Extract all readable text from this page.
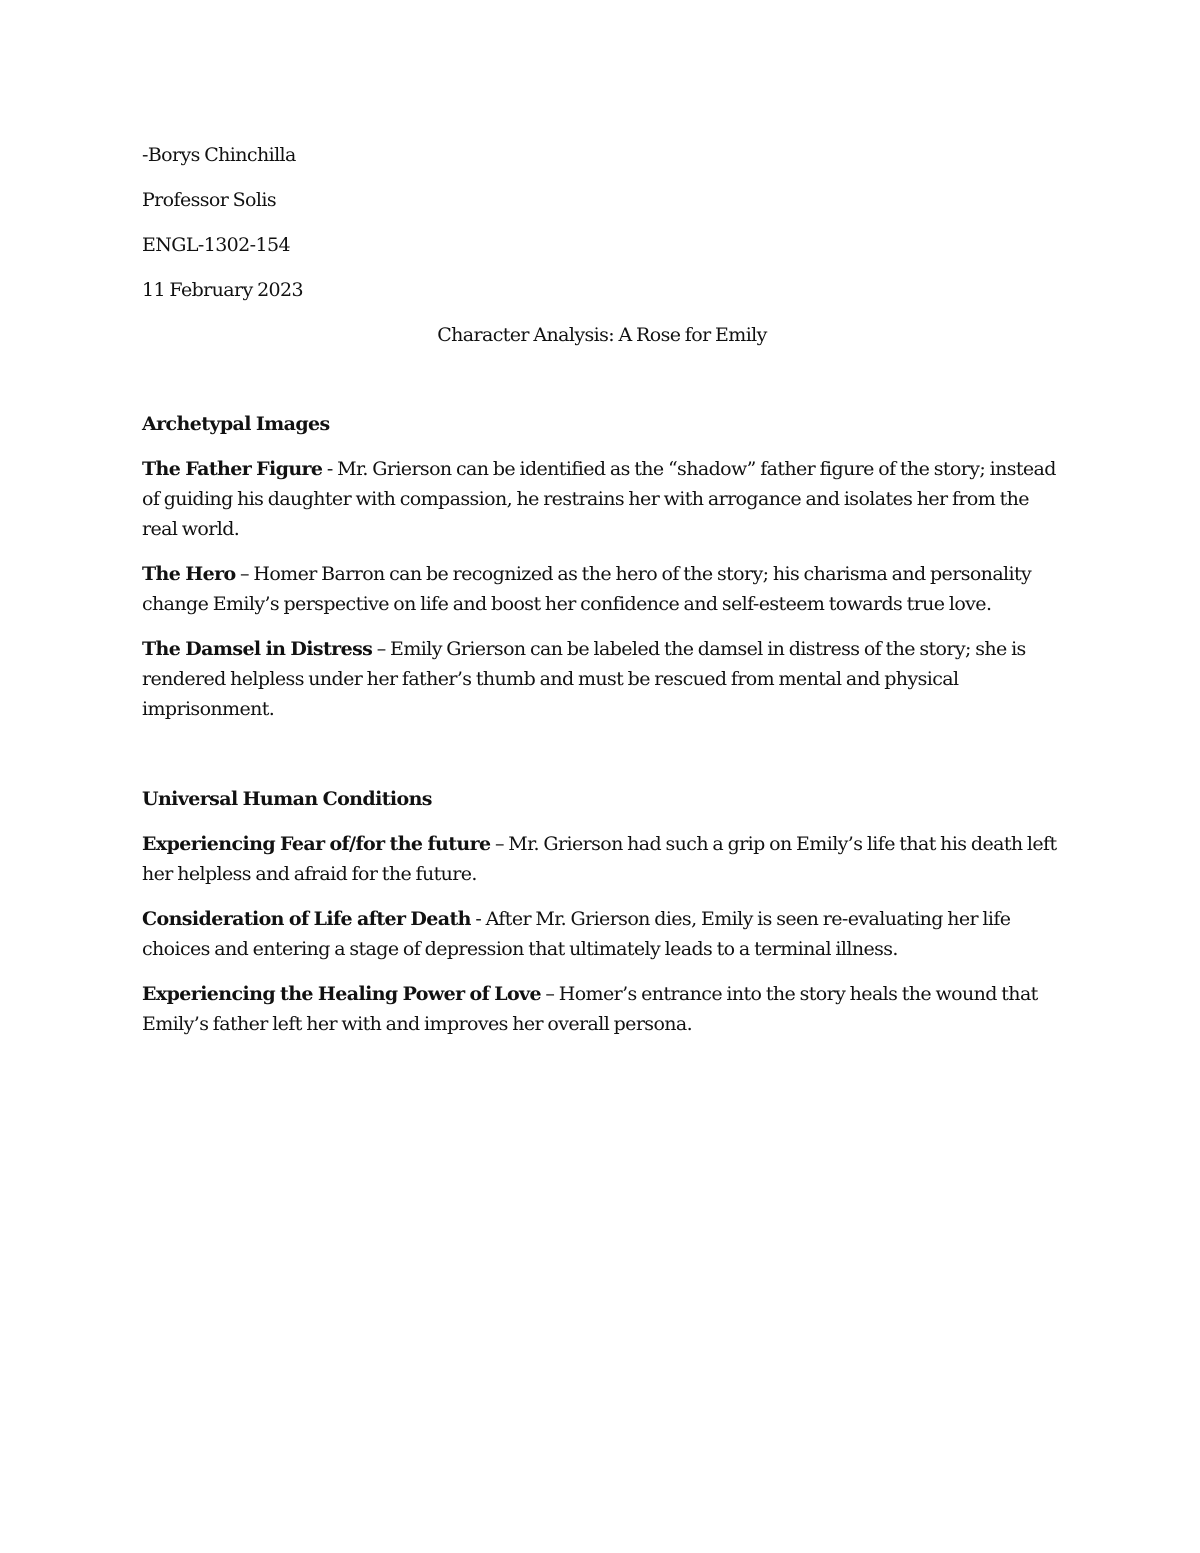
-Borys Chinchilla

Professor Solis

ENGL-1302-154

11 February 2023

Character Analysis: A Rose for Emily

Archetypal Images

The Father Figure - Mr. Grierson can be identified as the “shadow” father figure of the story; instead of guiding his daughter with compassion, he restrains her with arrogance and isolates her from the real world.

The Hero – Homer Barron can be recognized as the hero of the story; his charisma and personality change Emily’s perspective on life and boost her confidence and self-esteem towards true love.

The Damsel in Distress – Emily Grierson can be labeled the damsel in distress of the story; she is rendered helpless under her father’s thumb and must be rescued from mental and physical imprisonment.

Universal Human Conditions

Experiencing Fear of/for the future – Mr. Grierson had such a grip on Emily’s life that his death left her helpless and afraid for the future.

Consideration of Life after Death - After Mr. Grierson dies, Emily is seen re-evaluating her life choices and entering a stage of depression that ultimately leads to a terminal illness.

Experiencing the Healing Power of Love – Homer’s entrance into the story heals the wound that Emily’s father left her with and improves her overall persona.
